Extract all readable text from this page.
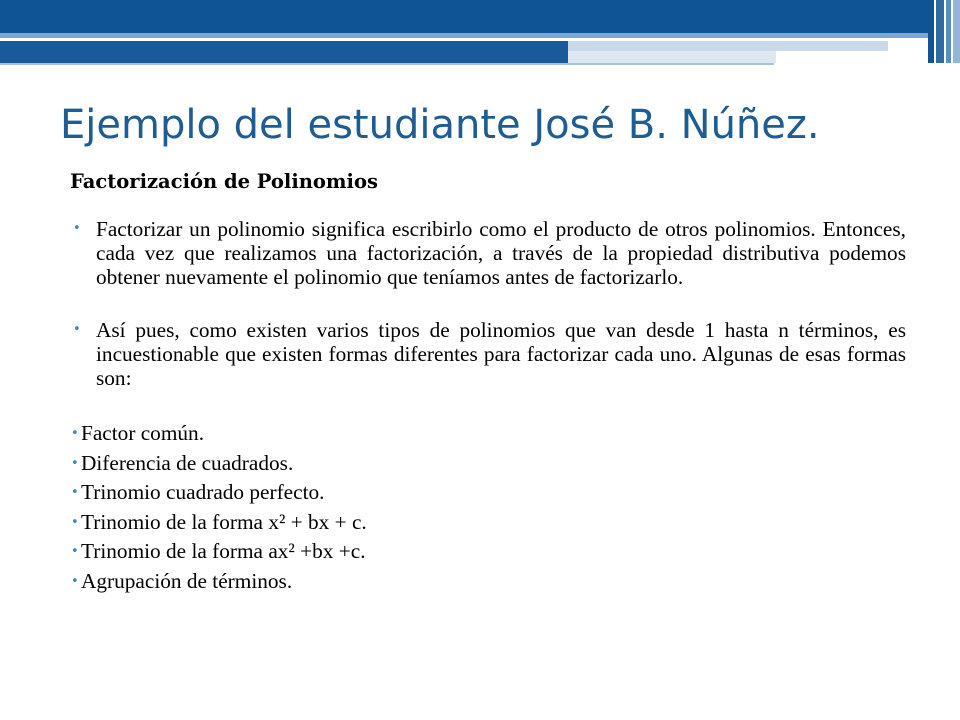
Ejemplo del estudiante José B. Núñez.
Factorización de Polinomios
• Factorizar un polinomio significa escribirlo como el producto de otros polinomios. Entonces, cada vez que realizamos una factorización, a través de la propiedad distributiva podemos obtener nuevamente el polinomio que teníamos antes de factorizarlo.
• Así pues, como existen varios tipos de polinomios que van desde 1 hasta n términos, es incuestionable que existen formas diferentes para factorizar cada uno. Algunas de esas formas son:
• Factor común.
• Diferencia de cuadrados.
• Trinomio cuadrado perfecto.
• Trinomio de la forma x² + bx + c.
• Trinomio de la forma ax² +bx +c.
• Agrupación de términos.
